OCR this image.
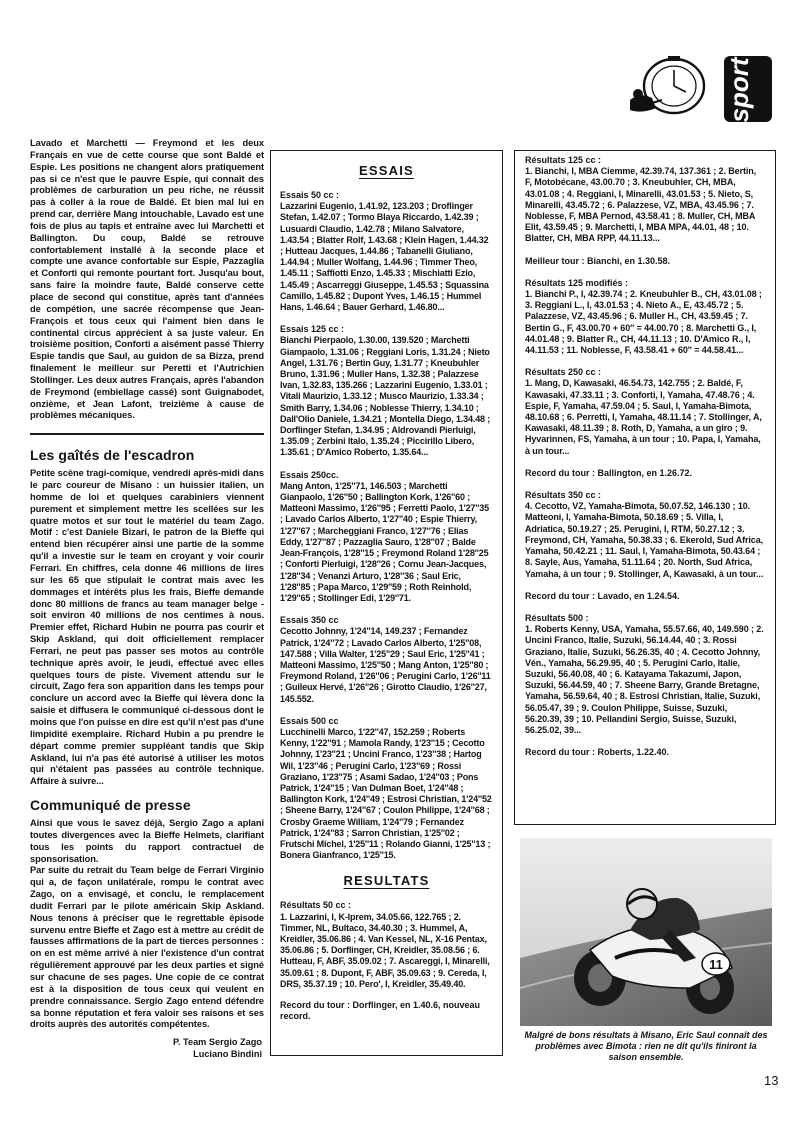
sport

Lavado et Marchetti — Freymond et les deux Français en vue de cette course que sont Baldé et Espie. Les positions ne changent alors pratiquement pas si ce n'est que le pauvre Espie, qui connaît des problèmes de carburation un peu riche, ne réussit pas à coller à la roue de Baldé. Et bien mal lui en prend car, derrière Mang intouchable, Lavado est une fois de plus au tapis et entraîne avec lui Marchetti et Ballington. Du coup, Baldé se retrouve confortablement installé à la seconde place et compte une avance confortable sur Espie, Pazzaglia et Conforti qui remonte pourtant fort. Jusqu'au bout, sans faire la moindre faute, Baldé conserve cette place de second qui constitue, après tant d'années de compétion, une sacrée récompense que Jean-François et tous ceux qui l'aiment bien dans le continental circus apprécient à sa juste valeur. En troisième position, Conforti a aisément passé Thierry Espie tandis que Saul, au guidon de sa Bizza, prend finalement le meilleur sur Peretti et l'Autrichien Stollinger. Les deux autres Français, après l'abandon de Freymond (embiellage cassé) sont Guignabodet, onzième, et Jean Lafont, treizième à cause de problèmes mécaniques.

Les gaîtés de l'escadron

Petite scène tragi-comique, vendredi après-midi dans le parc coureur de Misano : un huissier italien, un homme de loi et quelques carabiniers viennent purement et simplement mettre les scellées sur les quatre motos et sur tout le matériel du team Zago. Motif : c'est Daniele Bizari, le patron de la Bieffe qui entend bien récupérer ainsi une partie de la somme qu'il a investie sur le team en croyant y voir courir Ferrari. En chiffres, cela donne 46 millions de lires sur les 65 que stipulait le contrat mais avec les dommages et intérêts plus les frais, Bieffe demande donc 80 millions de francs au team manager belge - soit environ 40 millions de nos centimes à nous. Premier effet, Richard Hubin ne pourra pas courir et Skip Askland, qui doit officiellement remplacer Ferrari, ne peut pas passer ses motos au contrôle technique après avoir, le jeudi, effectué avec elles quelques tours de piste. Vivement attendu sur le circuit, Zago fera son apparition dans les temps pour conclure un accord avec la Bieffe qui lèvera donc la saisie et diffusera le communiqué ci-dessous dont le moins que l'on puisse en dire est qu'il n'est pas d'une limpidité exemplaire. Richard Hubin a pu prendre le départ comme premier suppléant tandis que Skip Askland, lui n'a pas été autorisé à utiliser les motos qui n'étaient pas passées au contrôle technique. Affaire à suivre...

Communiqué de presse

Ainsi que vous le savez déjà, Sergio Zago a aplani toutes divergences avec la Bieffe Helmets, clarifiant tous les points du rapport contractuel de sponsorisation.

Par suite du retrait du Team belge de Ferrari Virginio qui a, de façon unilatérale, rompu le contrat avec Zago, on a envisagé, et conclu, le remplacement dudit Ferrari par le pilote américain Skip Askland. Nous tenons à préciser que le regrettable épisode survenu entre Bieffe et Zago est à mettre au crédit de fausses affirmations de la part de tierces personnes : on en est même arrivé à nier l'existence d'un contrat régulièrement approuvé par les deux parties et signé sur chacune de ses pages. Une copie de ce contrat est à la disposition de tous ceux qui veulent en prendre connaissance. Sergio Zago entend défendre sa bonne réputation et fera valoir ses raisons et ses droits auprès des autorités compétentes.

P. Team Sergio Zago
Luciano Bindini
ESSAIS
Essais 50 cc :
Lazzarini Eugenio, 1.41.92, 123.203 ; Droflinger Stefan, 1.42.07 ; Tormo Blaya Riccardo, 1.42.39 ; Lusuardi Claudio, 1.42.78 ; Milano Salvatore, 1.43.54 ; Blatter Rolf, 1.43.68 ; Klein Hagen, 1.44.32 ; Hutteau Jacques, 1.44.86 ; Tabanelli Giuliano, 1.44.94 ; Muller Wolfang, 1.44.96 ; Timmer Theo, 1.45.11 ; Saffiotti Enzo, 1.45.33 ; Mischiatti Ezio, 1.45.49 ; Ascarreggi Giuseppe, 1.45.53 ; Squassina Camillo, 1.45.82 ; Dupont Yves, 1.46.15 ; Hummel Hans, 1.46.64 ; Bauer Gerhard, 1.46.80...
Essais 125 cc :
Bianchi Pierpaolo, 1.30.00, 139.520 ; Marchetti Giampaolo, 1.31.06 ; Reggiani Loris, 1.31.24 ; Nieto Angel, 1.31.76 ; Bertin Guy, 1.31.77 ; Kneubuhler Bruno, 1.31.96 ; Muller Hans, 1.32.38 ; Palazzese Ivan, 1.32.83, 135.266 ; Lazzarini Eugenio, 1.33.01 ; Vitali Maurizio, 1.33.12 ; Musco Maurizio, 1.33.34 ; Smith Barry, 1.34.06 ; Noblesse Thierry, 1.34.10 ; Dall'Olio Daniele, 1.34.21 ; Montella Diego, 1.34.48 ; Dorflinger Stefan, 1.34.95 ; Aldrovandi Pierluigi, 1.35.09 ; Zerbini Italo, 1.35.24 ; Piccirillo Libero, 1.35.61 ; D'Amico Roberto, 1.35.64...
Essais 250cc.
Mang Anton, 1'25''71, 146.503 ; Marchetti Gianpaolo, 1'26''50 ; Ballington Kork, 1'26''60 ; Matteoni Massimo, 1'26''95 ; Ferretti Paolo, 1'27''35 ; Lavado Carlos Alberto, 1'27''40 ; Espie Thierry, 1'27''67 ; Marcheggiani Franco, 1'27''76 ; Elias Eddy, 1'27''87 ; Pazzaglia Sauro, 1'28''07 ; Balde Jean-François, 1'28''15 ; Freymond Roland 1'28''25 ; Conforti Pierluigi, 1'28''26 ; Cornu Jean-Jacques, 1'28''34 ; Venanzi Arturo, 1'28''36 ; Saul Eric, 1'28''85 ; Papa Marco, 1'29''59 ; Roth Reinhold, 1'29''65 ; Stollinger Edi, 1'29''71.
Essais 350 cc
Cecotto Johnny, 1'24''14, 149.237 ; Fernandez Patrick, 1'24''72 ; Lavado Carlos Alberto, 1'25''08, 147.588 ; Villa Walter, 1'25''29 ; Saul Eric, 1'25''41 ; Matteoni Massimo, 1'25''50 ; Mang Anton, 1'25''80 ; Freymond Roland, 1'26''06 ; Perugini Carlo, 1'26''11 ; Guileux Hervé, 1'26''26 ; Girotto Claudio, 1'26''27, 145.552.
Essais 500 cc
Lucchinelli Marco, 1'22''47, 152.259 ; Roberts Kenny, 1'22''91 ; Mamola Randy, 1'23''15 ; Cecotto Johnny, 1'23''21 ; Uncini Franco, 1'23''38 ; Hartog Wil, 1'23''46 ; Perugini Carlo, 1'23''69 ; Rossi Graziano, 1'23''75 ; Asami Sadao, 1'24''03 ; Pons Patrick, 1'24''15 ; Van Dulman Boet, 1'24''48 ; Ballington Kork, 1'24''49 ; Estrosi Christian, 1'24''52 ; Sheene Barry, 1'24''67 ; Coulon Philippe, 1'24''68 ; Crosby Graeme William, 1'24''79 ; Fernandez Patrick, 1'24''83 ; Sarron Christian, 1'25''02 ; Frutschi Michel, 1'25''11 ; Rolando Gianni, 1'25''13 ; Bonera Gianfranco, 1'25''15.
RESULTATS
Résultats 50 cc :
1. Lazzarini, I, K-Iprem, 34.05.66, 122.765 ; 2. Timmer, NL, Bultaco, 34.40.30 ; 3. Hummel, A, Kreidler, 35.06.86 ; 4. Van Kessel, NL, X-16 Pentax, 35.06.86 ; 5. Dorflinger, CH, Kreidler, 35.08.56 ; 6. Hutteau, F, ABF, 35.09.02 ; 7. Ascareggi, I, Minarelli, 35.09.61 ; 8. Dupont, F, ABF, 35.09.63 ; 9. Cereda, I, DRS, 35.37.19 ; 10. Pero', I, Kreidler, 35.49.40.
Record du tour : Dorflinger, en 1.40.6, nouveau record.
Résultats 125 cc :
1. Bianchi, I, MBA Ciemme, 42.39.74, 137.361 ; 2. Bertin, F, Motobécane, 43.00.70 ; 3. Kneubuhler, CH, MBA, 43.01.08 ; 4. Reggiani, I, Minarelli, 43.01.53 ; 5. Nieto, S, Minarelli, 43.45.72 ; 6. Palazzese, VZ, MBA, 43.45.96 ; 7. Noblesse, F, MBA Pernod, 43.58.41 ; 8. Muller, CH, MBA Elit, 43.59.45 ; 9. Marchetti, I, MBA MPA, 44.01, 48 ; 10. Blatter, CH, MBA RPP, 44.11.13...
Meilleur tour : Bianchi, en 1.30.58.
Résultats 125 modifiés :
1. Bianchi P., I, 42.39.74 ; 2. Kneubuhler B., CH, 43.01.08 ; 3. Reggiani L., I, 43.01.53 ; 4. Nieto A., E, 43.45.72 ; 5. Palazzese, VZ, 43.45.96 ; 6. Muller H., CH, 43.59.45 ; 7. Bertin G., F, 43.00.70 + 60'' = 44.00.70 ; 8. Marchetti G., I, 44.01.48 ; 9. Blatter R., CH, 44.11.13 ; 10. D'Amico R., I, 44.11.53 ; 11. Noblesse, F, 43.58.41 + 60'' = 44.58.41...
Résultats 250 cc :
1. Mang, D, Kawasaki, 46.54.73, 142.755 ; 2. Baldé, F, Kawasaki, 47.33.11 ; 3. Conforti, I, Yamaha, 47.48.76 ; 4. Espie, F, Yamaha, 47.59.04 ; 5. Saul, I, Yamaha-Bimota, 48.10.68 ; 6. Perretti, I, Yamaha, 48.11.14 ; 7. Stollinger, A, Kawasaki, 48.11.39 ; 8. Roth, D, Yamaha, a un giro ; 9. Hyvarinnen, FS, Yamaha, à un tour ; 10. Papa, I, Yamaha, à un tour...
Record du tour : Ballington, en 1.26.72.
Résultats 350 cc :
4. Cecotto, VZ, Yamaha-Bimota, 50.07.52, 146.130 ; 10. Matteoni, I, Yamaha-Bimota, 50.18.69 ; 5. Villa, I, Adriatica, 50.19.27 ; 25. Perugini, I, RTM, 50.27.12 ; 3. Freymond, CH, Yamaha, 50.38.33 ; 6. Ekerold, Sud Africa, Yamaha, 50.42.21 ; 11. Saul, I, Yamaha-Bimota, 50.43.64 ; 8. Sayle, Aus, Yamaha, 51.11.64 ; 20. North, Sud Africa, Yamaha, à un tour ; 9. Stollinger, A, Kawasaki, à un tour...
Record du tour : Lavado, en 1.24.54.
Résultats 500 :
1. Roberts Kenny, USA, Yamaha, 55.57.66, 40, 149.590 ; 2. Uncini Franco, Italie, Suzuki, 56.14.44, 40 ; 3. Rossi Graziano, Italie, Suzuki, 56.26.35, 40 ; 4. Cecotto Johnny, Vén., Yamaha, 56.29.95, 40 ; 5. Perugini Carlo, Italie, Suzuki, 56.40.08, 40 ; 6. Katayama Takazumi, Japon, Suzuki, 56.44.59, 40 ; 7. Sheene Barry, Grande Bretagne, Yamaha, 56.59.64, 40 ; 8. Estrosi Christian, Italie, Suzuki, 56.05.47, 39 ; 9. Coulon Philippe, Suisse, Suzuki, 56.20.39, 39 ; 10. Pellandini Sergio, Suisse, Suzuki, 56.25.02, 39...
Record du tour : Roberts, 1.22.40.
11
Malgré de bons résultats à Misano, Eric Saul connaît des problèmes avec Bimota : rien ne dit qu'ils finiront la saison ensemble.
13
